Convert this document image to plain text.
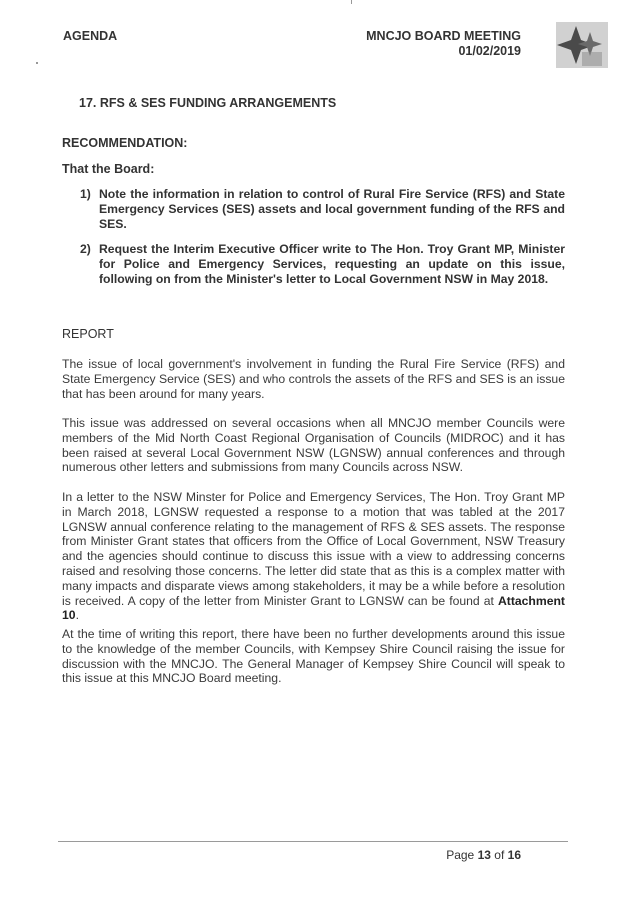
AGENDA	MNCJO BOARD MEETING
01/02/2019
17. RFS & SES FUNDING ARRANGEMENTS
RECOMMENDATION:
That the Board:
1) Note the information in relation to control of Rural Fire Service (RFS) and State Emergency Services (SES) assets and local government funding of the RFS and SES.
2) Request the Interim Executive Officer write to The Hon. Troy Grant MP, Minister for Police and Emergency Services, requesting an update on this issue, following on from the Minister's letter to Local Government NSW in May 2018.
REPORT
The issue of local government's involvement in funding the Rural Fire Service (RFS) and State Emergency Service (SES) and who controls the assets of the RFS and SES is an issue that has been around for many years.
This issue was addressed on several occasions when all MNCJO member Councils were members of the Mid North Coast Regional Organisation of Councils (MIDROC) and it has been raised at several Local Government NSW (LGNSW) annual conferences and through numerous other letters and submissions from many Councils across NSW.
In a letter to the NSW Minster for Police and Emergency Services, The Hon. Troy Grant MP in March 2018, LGNSW requested a response to a motion that was tabled at the 2017 LGNSW annual conference relating to the management of RFS & SES assets. The response from Minister Grant states that officers from the Office of Local Government, NSW Treasury and the agencies should continue to discuss this issue with a view to addressing concerns raised and resolving those concerns. The letter did state that as this is a complex matter with many impacts and disparate views among stakeholders, it may be a while before a resolution is received. A copy of the letter from Minister Grant to LGNSW can be found at Attachment 10.
At the time of writing this report, there have been no further developments around this issue to the knowledge of the member Councils, with Kempsey Shire Council raising the issue for discussion with the MNCJO. The General Manager of Kempsey Shire Council will speak to this issue at this MNCJO Board meeting.
Page 13 of 16
